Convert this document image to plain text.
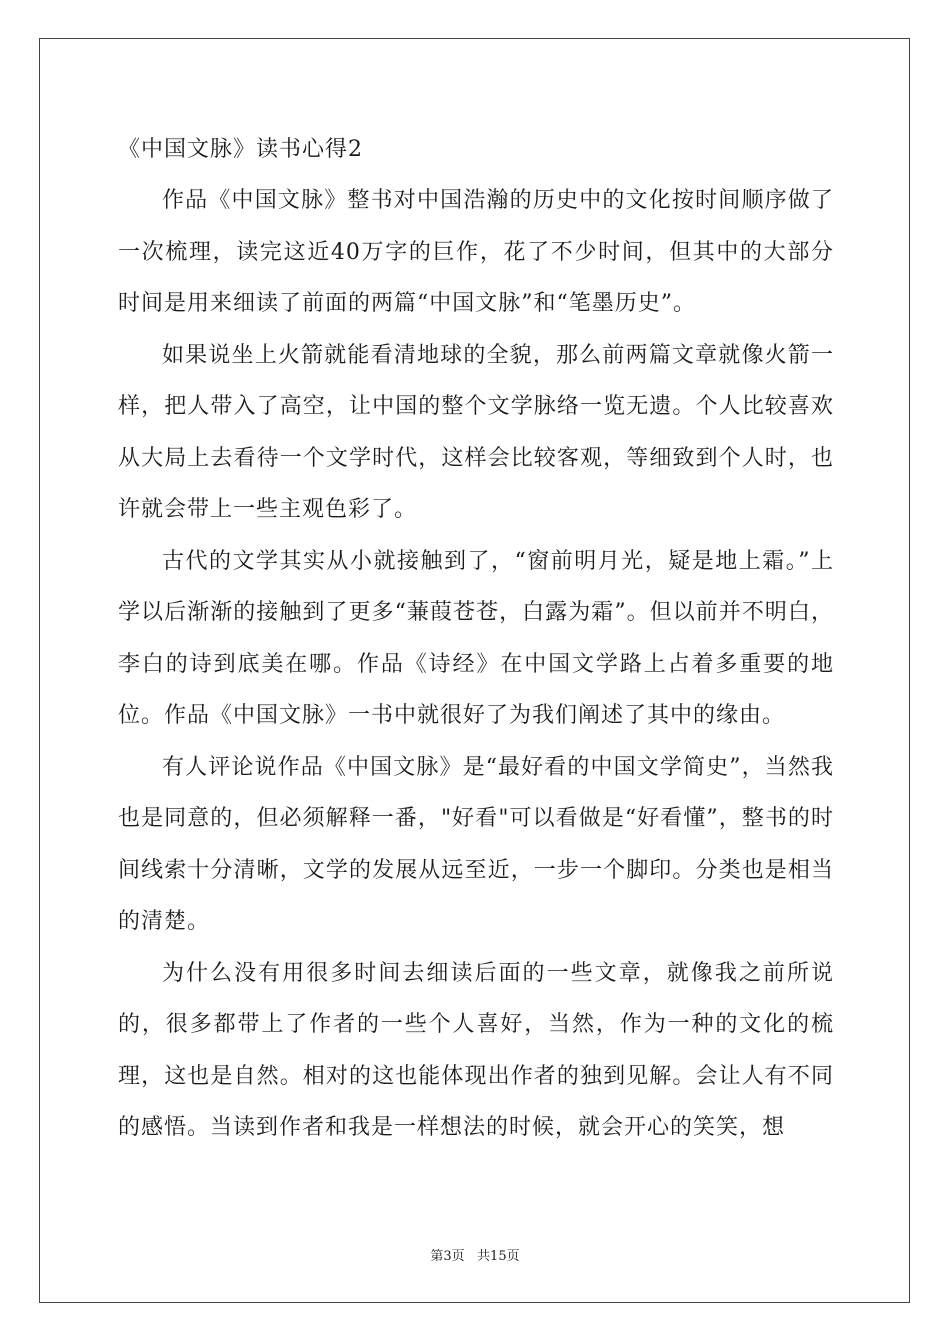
《中国文脉》读书心得2

作品《中国文脉》整书对中国浩瀚的历史中的文化按时间顺序做了一次梳理，读完这近40万字的巨作，花了不少时间，但其中的大部分时间是用来细读了前面的两篇“中国文脉”和“笔墨历史”。

如果说坐上火箭就能看清地球的全貌，那么前两篇文章就像火箭一样，把人带入了高空，让中国的整个文学脉络一览无遗。个人比较喜欢从大局上去看待一个文学时代，这样会比较客观，等细致到个人时，也许就会带上一些主观色彩了。

古代的文学其实从小就接触到了，“窗前明月光，疑是地上霜。”上学以后渐渐的接触到了更多“蒹葭苍苍，白露为霜”。但以前并不明白，李白的诗到底美在哪。作品《诗经》在中国文学路上占着多重要的地位。作品《中国文脉》一书中就很好了为我们阐述了其中的缘由。

有人评论说作品《中国文脉》是“最好看的中国文学简史”，当然我也是同意的，但必须解释一番，"好看"可以看做是“好看懂”，整书的时间线索十分清晰，文学的发展从远至近，一步一个脚印。分类也是相当的清楚。

为什么没有用很多时间去细读后面的一些文章，就像我之前所说的，很多都带上了作者的一些个人喜好，当然，作为一种的文化的梳理，这也是自然。相对的这也能体现出作者的独到见解。会让人有不同的感悟。当读到作者和我是一样想法的时候，就会开心的笑笑，想

第3页   共15页
